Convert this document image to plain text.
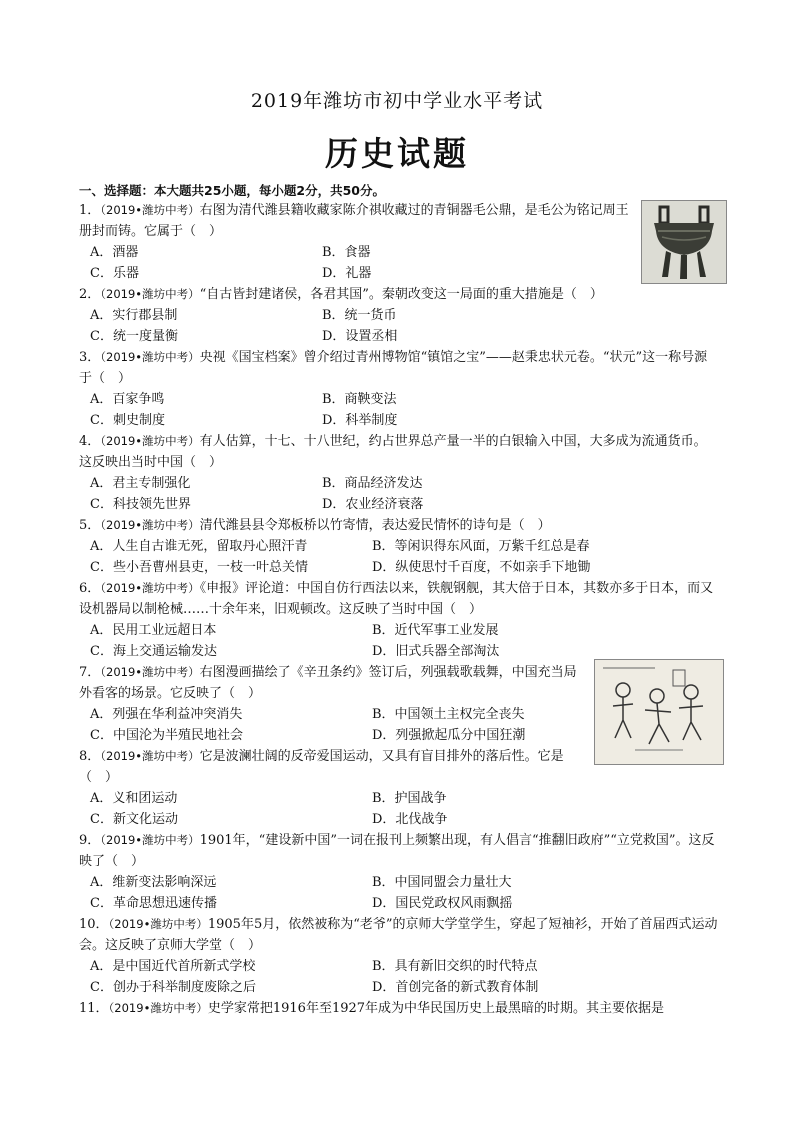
2019年潍坊市初中学业水平考试
历史试题
一、选择题：本大题共25小题，每小题2分，共50分。

1．（2019•潍坊中考）右图为清代潍县籍收藏家陈介祺收藏过的青铜器毛公鼎，是毛公为铭记周王册封而铸。它属于（　）

A．酒器	B．食器
C．乐器	D．礼器

2．（2019•潍坊中考）“自古皆封建诸侯，各君其国”。秦朝改变这一局面的重大措施是（　）

A．实行郡县制	B．统一货币
C．统一度量衡	D．设置丞相

3．（2019•潍坊中考）央视《国宝档案》曾介绍过青州博物馆“镇馆之宝”——赵秉忠状元卷。“状元”这一称号源于（　）

A．百家争鸣	B．商鞅变法
C．刺史制度	D．科举制度

4．（2019•潍坊中考）有人估算，十七、十八世纪，约占世界总产量一半的白银输入中国，大多成为流通货币。这反映出当时中国（　）

A．君主专制强化	B．商品经济发达
C．科技领先世界	D．农业经济衰落

5．（2019•潍坊中考）清代潍县县令郑板桥以竹寄情，表达爱民情怀的诗句是（　）

A．人生自古谁无死，留取丹心照汗青	B．等闲识得东风面，万紫千红总是春
C．些小吾曹州县吏，一枝一叶总关情	D．纵使思忖千百度，不如亲手下地锄

6．（2019•潍坊中考）《申报》评论道：中国自仿行西法以来，铁舰钢舰，其大倍于日本，其数亦多于日本，而又设机器局以制枪械……十余年来，旧观顿改。这反映了当时中国（　）

A．民用工业远超日本	B．近代军事工业发展
C．海上交通运输发达	D．旧式兵器全部淘汰

7．（2019•潍坊中考）右图漫画描绘了《辛丑条约》签订后，列强载歌载舞，中国充当局外看客的场景。它反映了（　）

A．列强在华利益冲突消失	B．中国领土主权完全丧失
C．中国沦为半殖民地社会	D．列强掀起瓜分中国狂潮

8．（2019•潍坊中考）它是波澜壮阔的反帝爱国运动，又具有盲目排外的落后性。它是（　）

A．义和团运动	B．护国战争
C．新文化运动	D．北伐战争

9．（2019•潍坊中考）1901年，“建设新中国”一词在报刊上频繁出现，有人倡言“推翻旧政府”“立党救国”。这反映了（　）

A．维新变法影响深远	B．中国同盟会力量壮大
C．革命思想迅速传播	D．国民党政权风雨飘摇

10．（2019•潍坊中考）1905年5月，依然被称为“老爷”的京师大学堂学生，穿起了短袖衫，开始了首届西式运动会。这反映了京师大学堂（　）

A．是中国近代首所新式学校	B．具有新旧交织的时代特点
C．创办于科举制度废除之后	D．首创完备的新式教育体制

11．（2019•潍坊中考）史学家常把1916年至1927年成为中华民国历史上最黑暗的时期。其主要依据是
